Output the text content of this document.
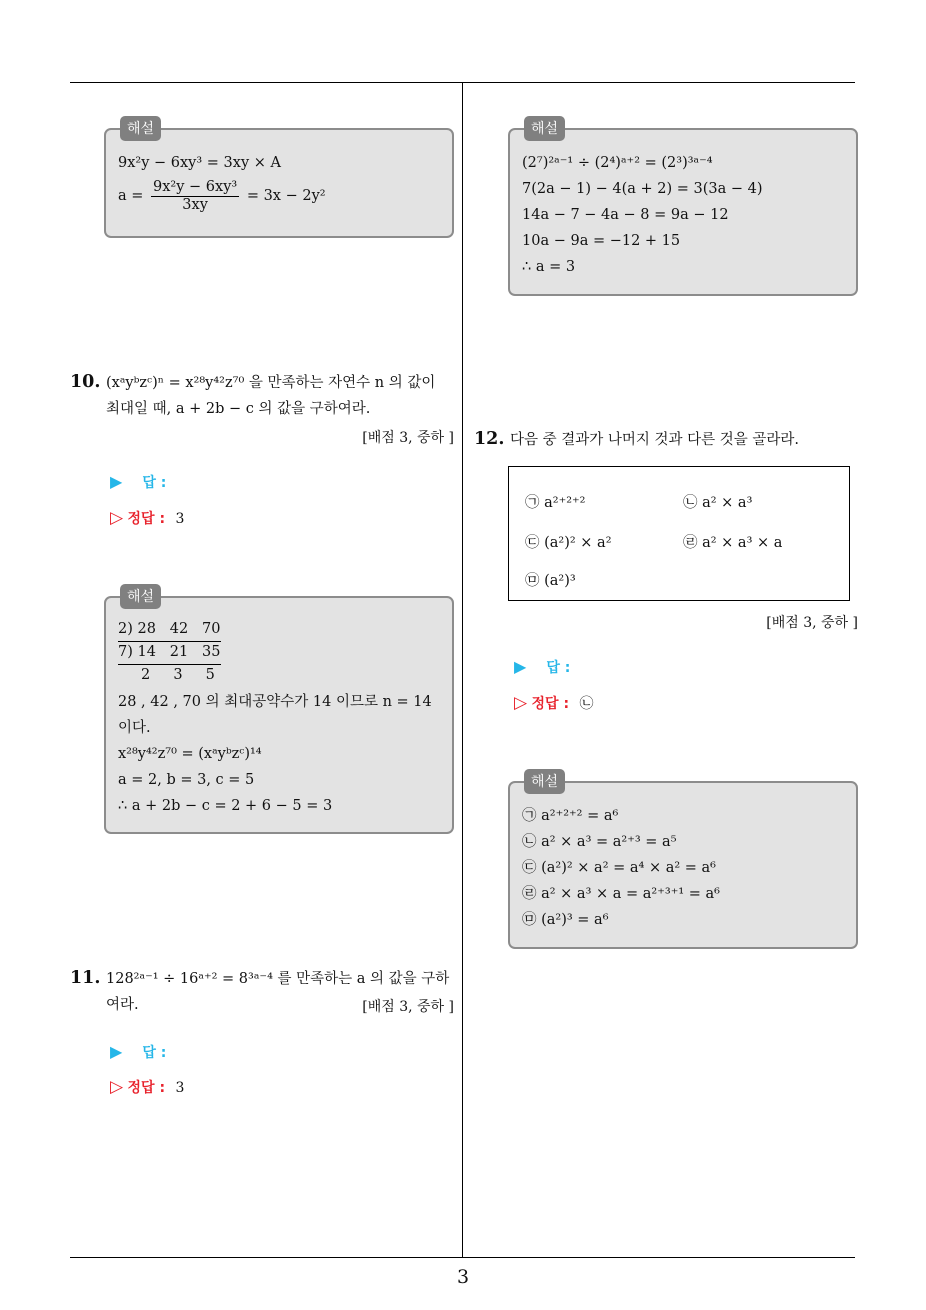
3
해설
9x²y − 6xy³ = 3xy × A
$a = \frac{\text{9x²y − 6xy³}}{3xy} = 3x - 2y^2$
해설
(2⁷)²ᵃ⁻¹ ÷ (2⁴)ᵃ⁺² = (2³)³ᵃ⁻⁴
7(2a − 1) − 4(a + 2) = 3(3a − 4)
14a − 7 − 4a − 8 = 9a − 12
10a − 9a = −12 + 15
∴ a = 3
10. (xᵃyᵇzᶜ)ⁿ = x²⁸y⁴²z⁷⁰ 을 만족하는 자연수 n 의 값이
최대일 때, a + 2b − c 의 값을 구하여라.
[배점 3, 중하 ]
▶ 답 :
▷ 정답 : 3
해설
2) 28   42   70
7) 14   21   35
2     3     5
28 , 42 , 70 의 최대공약수가 14 이므로 n = 14
이다.
x²⁸y⁴²z⁷⁰ = (xᵃyᵇzᶜ)¹⁴
a = 2, b = 3, c = 5
∴ a + 2b − c = 2 + 6 − 5 = 3
11. 128²ᵃ⁻¹ ÷ 16ᵃ⁺² = 8³ᵃ⁻⁴ 를 만족하는 a 의 값을 구하
여라.	[배점 3, 중하 ]
▶ 답 :
▷ 정답 : 3
12. 다음 중 결과가 나머지 것과 다른 것을 골라라.
㉠ a²⁺²⁺²	㉡ a² × a³
㉢ (a²)² × a²	㉣ a² × a³ × a
㉤ (a²)³
[배점 3, 중하 ]
▶ 답 :
▷ 정답 : ㉡
해설
㉠ a²⁺²⁺² = a⁶
㉡ a² × a³ = a²⁺³ = a⁵
㉢ (a²)² × a² = a⁴ × a² = a⁶
㉣ a² × a³ × a = a²⁺³⁺¹ = a⁶
㉤ (a²)³ = a⁶
